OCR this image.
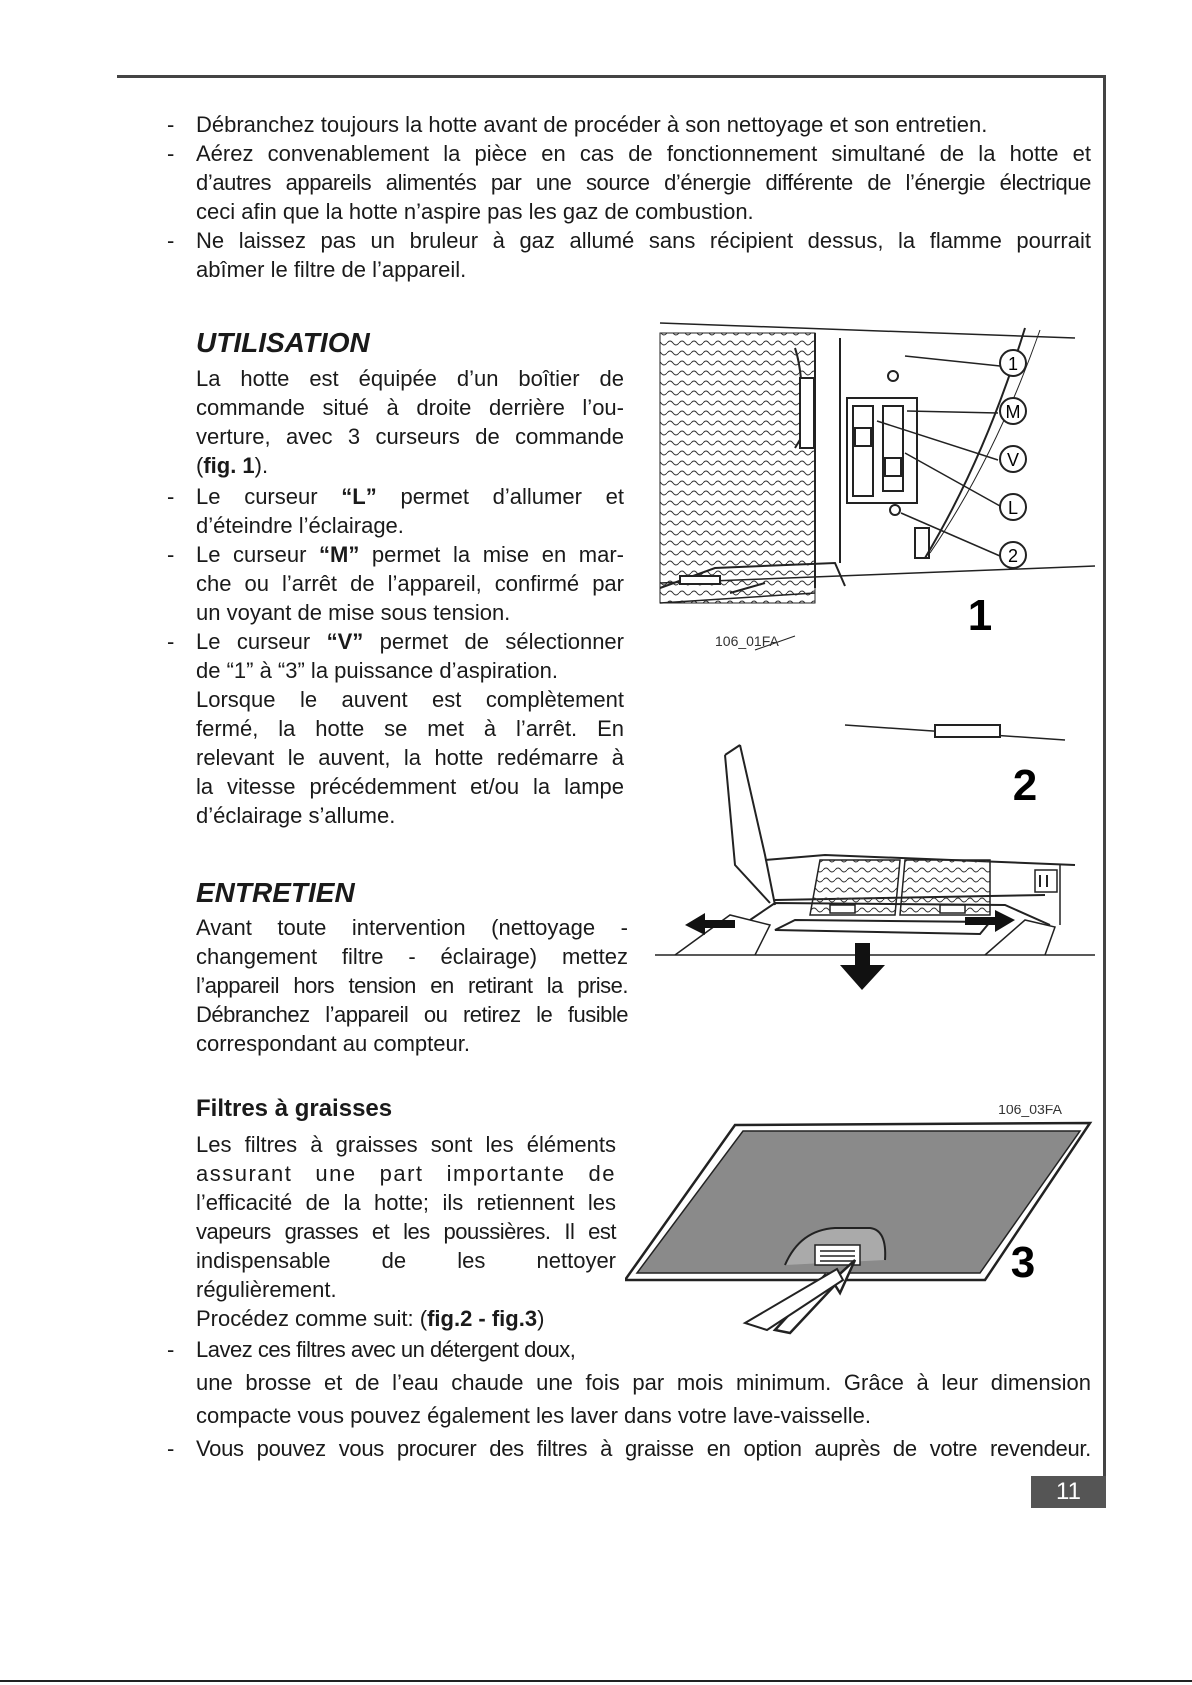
- Débranchez toujours la hotte avant de procéder à son nettoyage et son entretien.
- Aérez convenablement la pièce en cas de fonctionnement simultané de la hotte et
d’autres appareils alimentés par une source d’énergie différente de l’énergie électrique
ceci afin que la hotte n’aspire pas les gaz de combustion.
- Ne laissez pas un bruleur à gaz allumé sans récipient dessus, la flamme pourrait
abîmer le filtre de l’appareil.
UTILISATION
La hotte est équipée d’un boîtier de
commande situé à droite derrière l’ou-
verture, avec 3 curseurs de commande
(fig. 1).
- Le curseur “L” permet d’allumer et
d’éteindre l’éclairage.
- Le curseur “M” permet la mise en mar-
che ou l’arrêt de l’appareil, confirmé par
un voyant de mise sous tension.
- Le curseur “V” permet de sélectionner
de “1” à “3” la puissance d’aspiration.
Lorsque le auvent est complètement
fermé, la hotte se met à l’arrêt. En
relevant le auvent, la hotte redémarre à
la vitesse précédemment et/ou la lampe
d’éclairage s’allume.
ENTRETIEN
Avant toute intervention (nettoyage -
changement filtre - éclairage) mettez
l’appareil hors tension en retirant la prise.
Débranchez l’appareil ou retirez le fusible
correspondant au compteur.
Filtres à graisses
Les filtres à graisses sont les éléments
assurant une part importante de
l’efficacité de la hotte; ils retiennent les
vapeurs grasses et les poussières. Il est
indispensable de les nettoyer
régulièrement.
Procédez comme suit: (fig.2 - fig.3)
- Lavez ces filtres avec un détergent doux,
une brosse et de l’eau chaude une fois par mois minimum. Grâce à leur dimension
compacte vous pouvez également les laver dans votre lave-vaisselle.
- Vous pouvez vous procurer des filtres à graisse en option auprès de votre revendeur.
1
M
V
L
2
1
106_01FA
2
106_03FA
3
11
